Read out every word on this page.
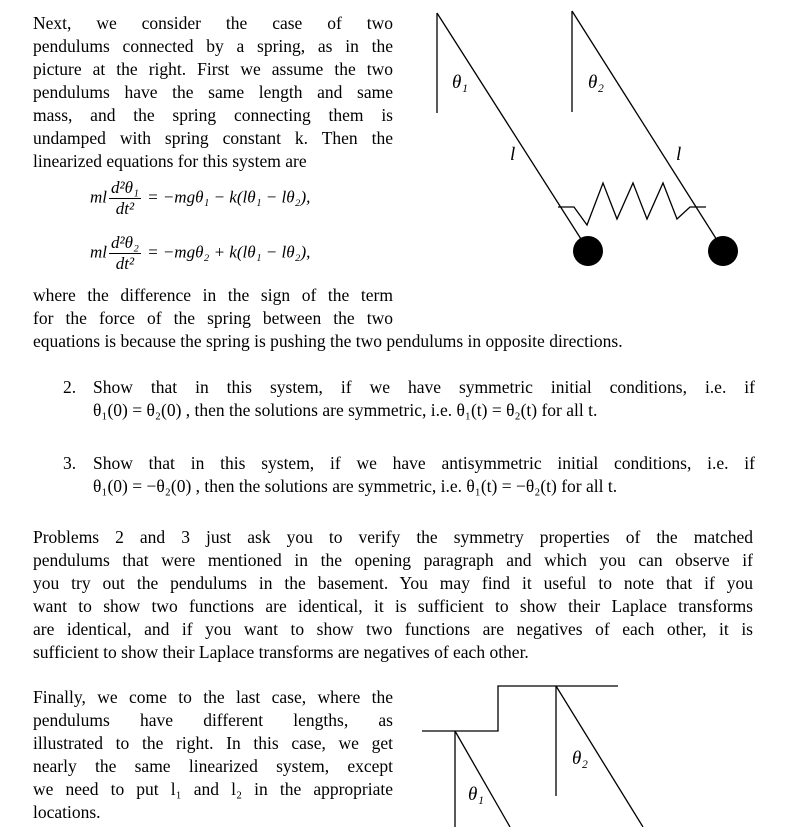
Next, we consider the case of two

pendulums connected by a spring, as in the

picture at the right. First we assume the two

pendulums have the same length and same

mass, and the spring connecting them is

undamped with spring constant k. Then the

linearized equations for this system are

ml $\frac{\text{d²θ₁}}{\text{dt²}} = -mg\theta_1 - k(l\theta_1 - l\theta_2)$,
ml $\frac{\text{d²θ₂}}{\text{dt²}} = -mg\theta_2 + k(l\theta_1 - l\theta_2)$,

where the difference in the sign of the term

for the force of the spring between the two

equations is because the spring is pushing the two pendulums in opposite directions.

2. Show that in this system, if we have symmetric initial conditions, i.e. if
θ₁(0) = θ₂(0) , then the solutions are symmetric, i.e. θ₁(t) = θ₂(t) for all t.
3. Show that in this system, if we have antisymmetric initial conditions, i.e. if
θ₁(0) = −θ₂(0) , then the solutions are symmetric, i.e. θ₁(t) = −θ₂(t) for all t.

Problems 2 and 3 just ask you to verify the symmetry properties of the matched

pendulums that were mentioned in the opening paragraph and which you can observe if

you try out the pendulums in the basement. You may find it useful to note that if you

want to show two functions are identical, it is sufficient to show their Laplace transforms

are identical, and if you want to show two functions are negatives of each other, it is

sufficient to show their Laplace transforms are negatives of each other.

Finally, we come to the last case, where the

pendulums have different lengths, as

illustrated to the right. In this case, we get

nearly the same linearized system, except

we need to put l₁ and l₂ in the appropriate

locations.

θ₁	θ₂
l	l
θ₁
θ₂
